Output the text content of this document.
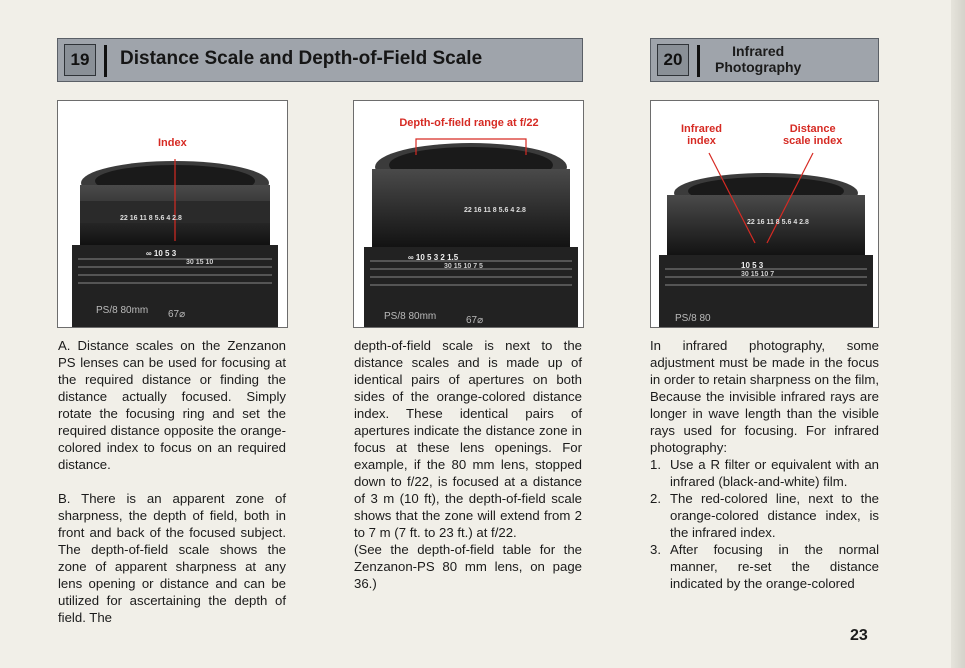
19	Distance Scale and Depth-of-Field Scale	20	Infrared
Photography
Index
22 16 11 8 5.6 4 2.8
∞ 10 5 3
30 15 10
PS/8 80mm 67⌀
Depth-of-field range at f/22
22 16 11 8 5.6 4 2.8
∞ 10 5 3 2 1.5
30 15 10 7 5
PS/8 80mm	67⌀
Infrared
index
Distance
scale index
22 16 11 8 5.6 4 2.8
10 5 3
30 15 10 7
PS/8 80

A. Distance scales on the Zenzanon PS lenses can be used for focusing at the required distance or finding the distance actually focused. Simply rotate the focusing ring and set the required distance opposite the orange-colored index to focus on an required distance.

B. There is an apparent zone of sharpness, the depth of field, both in front and back of the focused subject. The depth-of-field scale shows the zone of apparent sharpness at any lens opening or distance and can be utilized for ascertaining the depth of field. The

depth-of-field scale is next to the distance scales and is made up of identical pairs of apertures on both sides of the orange-colored distance index. These identical pairs of apertures indicate the distance zone in focus at these lens openings. For example, if the 80 mm lens, stopped down to f/22, is focused at a distance of 3 m (10 ft), the depth-of-field scale shows that the zone will extend from 2 to 7 m (7 ft. to 23 ft.) at f/22.

(See the depth-of-field table for the Zenzanon-PS 80 mm lens, on page 36.)

In infrared photography, some adjustment must be made in the focus in order to retain sharpness on the film, Because the invisible infrared rays are longer in wave length than the visible rays used for focusing. For infrared photography:

1. Use a R filter or equivalent with an infrared (black-and-white) film.
2. The red-colored line, next to the orange-colored distance index, is the infrared index.
3. After focusing in the normal manner, re-set the distance indicated by the orange-colored
23
